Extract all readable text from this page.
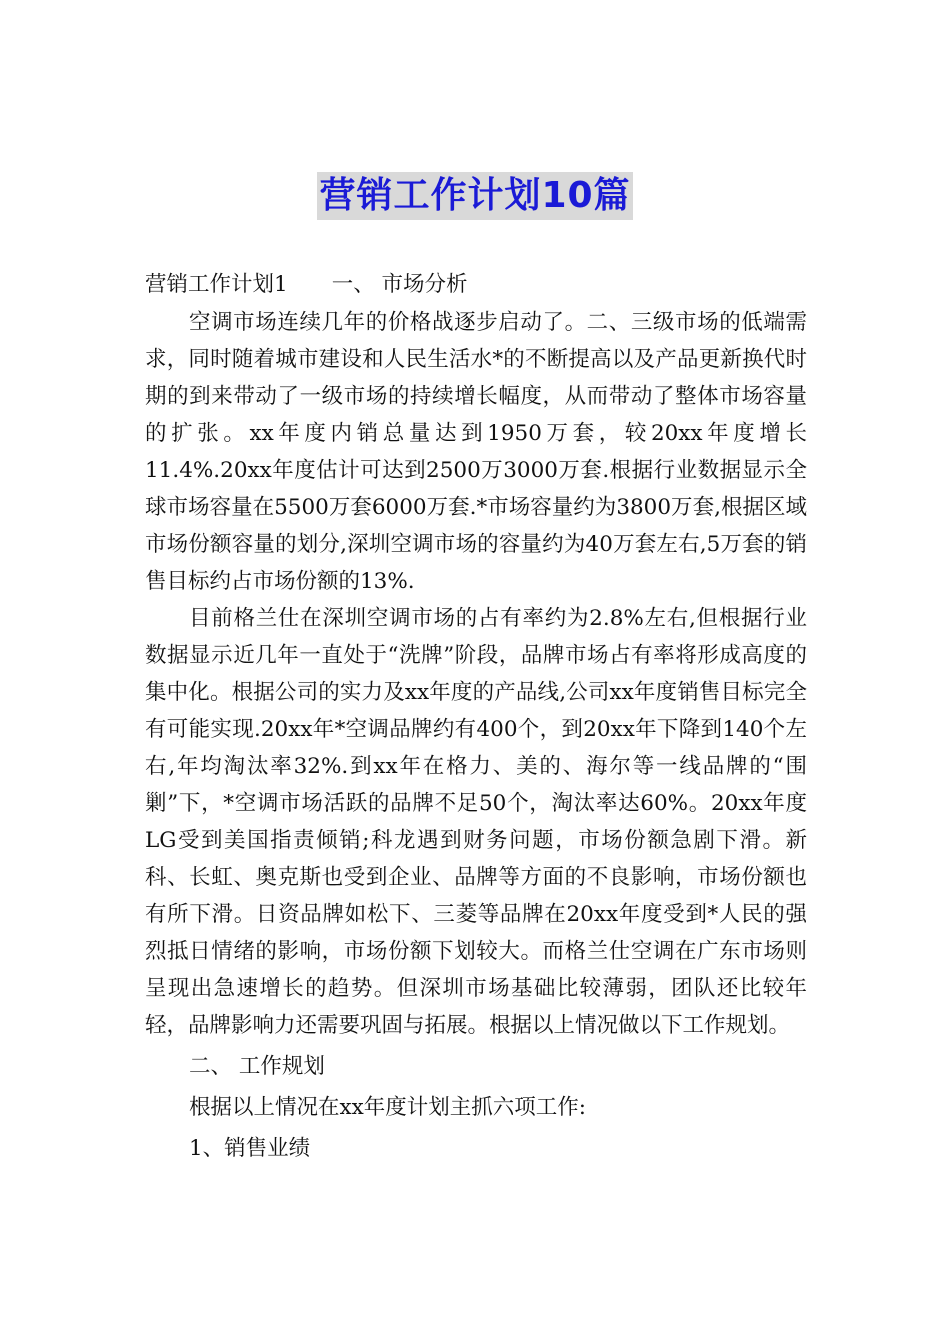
营销工作计划10篇
营销工作计划1 一、 市场分析

空调市场连续几年的价格战逐步启动了。二、三级市场的低端需求，同时随着城市建设和人民生活水*的不断提高以及产品更新换代时期的到来带动了一级市场的持续增长幅度，从而带动了整体市场容量的扩张。xx年度内销总量达到1950万套，较20xx年度增长11.4%.20xx年度估计可达到2500万3000万套.根据行业数据显示全球市场容量在5500万套6000万套.*市场容量约为3800万套,根据区域市场份额容量的划分,深圳空调市场的容量约为40万套左右,5万套的销售目标约占市场份额的13%.

目前格兰仕在深圳空调市场的占有率约为2.8%左右,但根据行业数据显示近几年一直处于“洗牌”阶段，品牌市场占有率将形成高度的集中化。根据公司的实力及xx年度的产品线,公司xx年度销售目标完全有可能实现.20xx年*空调品牌约有400个，到20xx年下降到140个左右,年均淘汰率32%.到xx年在格力、美的、海尔等一线品牌的“围剿”下，*空调市场活跃的品牌不足50个，淘汰率达60%。20xx年度LG受到美国指责倾销;科龙遇到财务问题，市场份额急剧下滑。新科、长虹、奥克斯也受到企业、品牌等方面的不良影响，市场份额也有所下滑。日资品牌如松下、三菱等品牌在20xx年度受到*人民的强烈抵日情绪的影响，市场份额下划较大。而格兰仕空调在广东市场则呈现出急速增长的趋势。但深圳市场基础比较薄弱，团队还比较年轻，品牌影响力还需要巩固与拓展。根据以上情况做以下工作规划。

二、 工作规划

根据以上情况在xx年度计划主抓六项工作:

1、销售业绩
